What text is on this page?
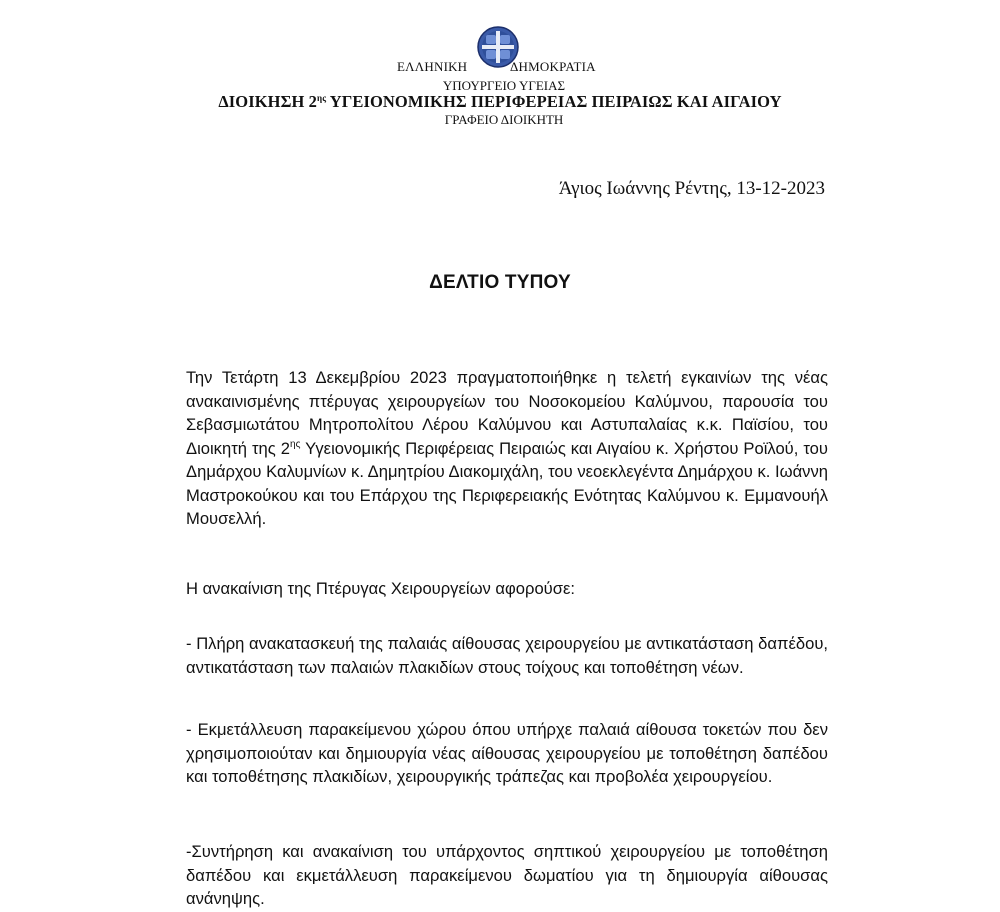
ΕΛΛΗΝΙΚΗ	ΔΗΜΟΚΡΑΤΙΑ
ΥΠΟΥΡΓΕΙΟ ΥΓΕΙΑΣ
ΔΙΟΙΚΗΣΗ $2^{\eta\varsigma}$ ΥΓΕΙΟΝΟΜΙΚΗΣ ΠΕΡΙΦΕΡΕΙΑΣ ΠΕΙΡΑΙΩΣ ΚΑΙ ΑΙΓΑΙΟΥ
ΓΡΑΦΕΙΟ ΔΙΟΙΚΗΤΗ
Άγιος Ιωάννης Ρέντης, 13-12-2023
ΔΕΛΤΙΟ ΤΥΠΟΥ
Την Τετάρτη 13 Δεκεμβρίου 2023 πραγματοποιήθηκε η τελετή εγκαινίων της νέας ανακαινισμένης πτέρυγας χειρουργείων του Νοσοκομείου Καλύμνου, παρουσία του Σεβασμιωτάτου Μητροπολίτου Λέρου Καλύμνου και Αστυπαλαίας κ.κ. Παϊσίου, του Διοικητή της $2^{\eta\varsigma}$ Υγειονομικής Περιφέρειας Πειραιώς και Αιγαίου κ. Χρήστου Ροϊλού, του Δημάρχου Καλυμνίων κ. Δημητρίου Διακομιχάλη, του νεοεκλεγέντα Δημάρχου κ. Ιωάννη Μαστροκούκου και του Επάρχου της Περιφερειακής Ενότητας Καλύμνου κ. Εμμανουήλ Μουσελλή.
Η ανακαίνιση της Πτέρυγας Χειρουργείων αφορούσε:
- Πλήρη ανακατασκευή της παλαιάς αίθουσας χειρουργείου με αντικατάσταση δαπέδου, αντικατάσταση των παλαιών πλακιδίων στους τοίχους και τοποθέτηση νέων.
- Εκμετάλλευση παρακείμενου χώρου όπου υπήρχε παλαιά αίθουσα τοκετών που δεν χρησιμοποιούταν και δημιουργία νέας αίθουσας χειρουργείου με τοποθέτηση δαπέδου και τοποθέτησης πλακιδίων, χειρουργικής τράπεζας και προβολέα χειρουργείου.
-Συντήρηση και ανακαίνιση του υπάρχοντος σηπτικού χειρουργείου με τοποθέτηση δαπέδου και εκμετάλλευση παρακείμενου δωματίου για τη δημιουργία αίθουσας ανάνηψης.
